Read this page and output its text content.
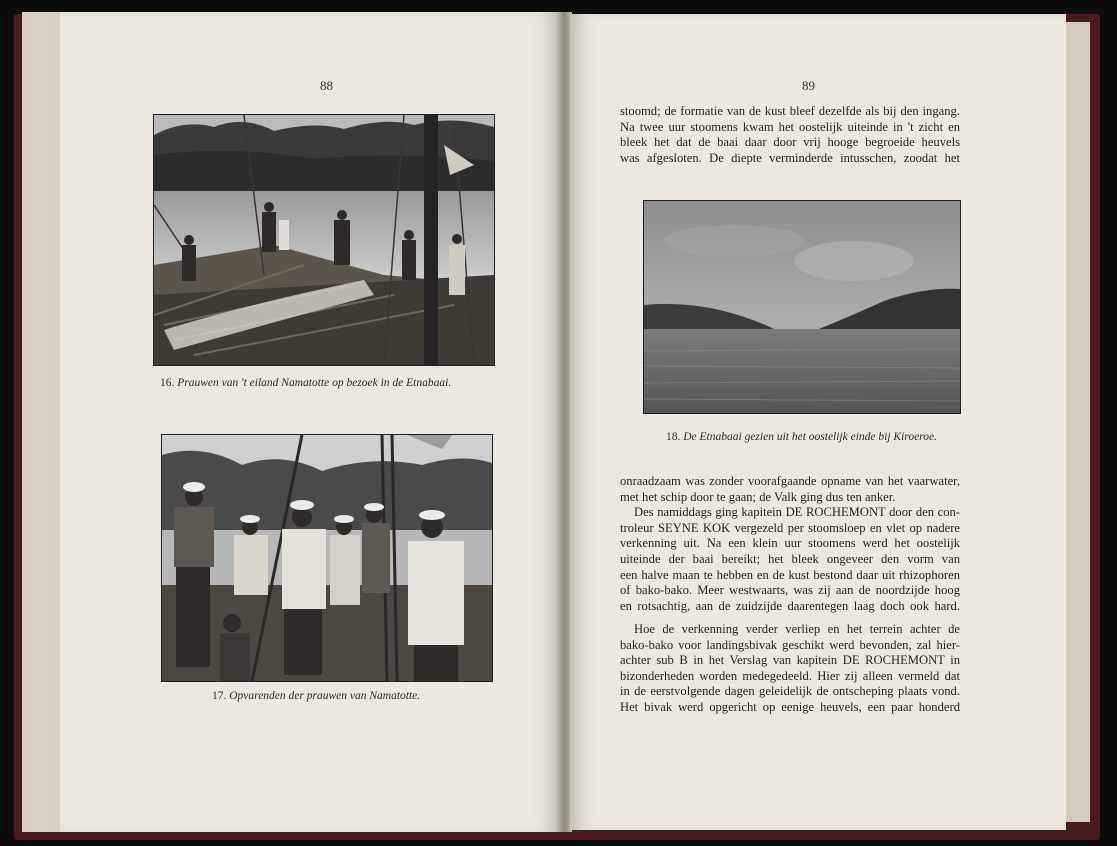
88
16. Prauwen van 't eiland Namatotte op bezoek in de Etnabaai.
17. Opvarenden der prauwen van Namatotte.
89
stoomd; de formatie van de kust bleef dezelfde als bij den ingang.
Na twee uur stoomens kwam het oostelijk uiteinde in 't zicht en
bleek het dat de baai daar door vrij hooge begroeide heuvels
was afgesloten. De diepte verminderde intusschen, zoodat het
18. De Etnabaai gezien uit het oostelijk einde bij Kiroeroe.
onraadzaam was zonder voorafgaande opname van het vaarwater,
met het schip door te gaan; de Valk ging dus ten anker.
Des namiddags ging kapitein DE ROCHEMONT door den con-
troleur SEYNE KOK vergezeld per stoomsloep en vlet op nadere
verkenning uit. Na een klein uur stoomens werd het oostelijk
uiteinde der baai bereikt; het bleek ongeveer den vorm van
een halve maan te hebben en de kust bestond daar uit rhizophoren
of bako-bako. Meer westwaarts, was zij aan de noordzijde hoog
en rotsachtig, aan de zuidzijde daarentegen laag doch ook hard.
Hoe de verkenning verder verliep en het terrein achter de
bako-bako voor landingsbivak geschikt werd bevonden, zal hier-
achter sub B in het Verslag van kapitein DE ROCHEMONT in
bizonderheden worden medegedeeld. Hier zij alleen vermeld dat
in de eerstvolgende dagen geleidelijk de ontscheping plaats vond.
Het bivak werd opgericht op eenige heuvels, een paar honderd
